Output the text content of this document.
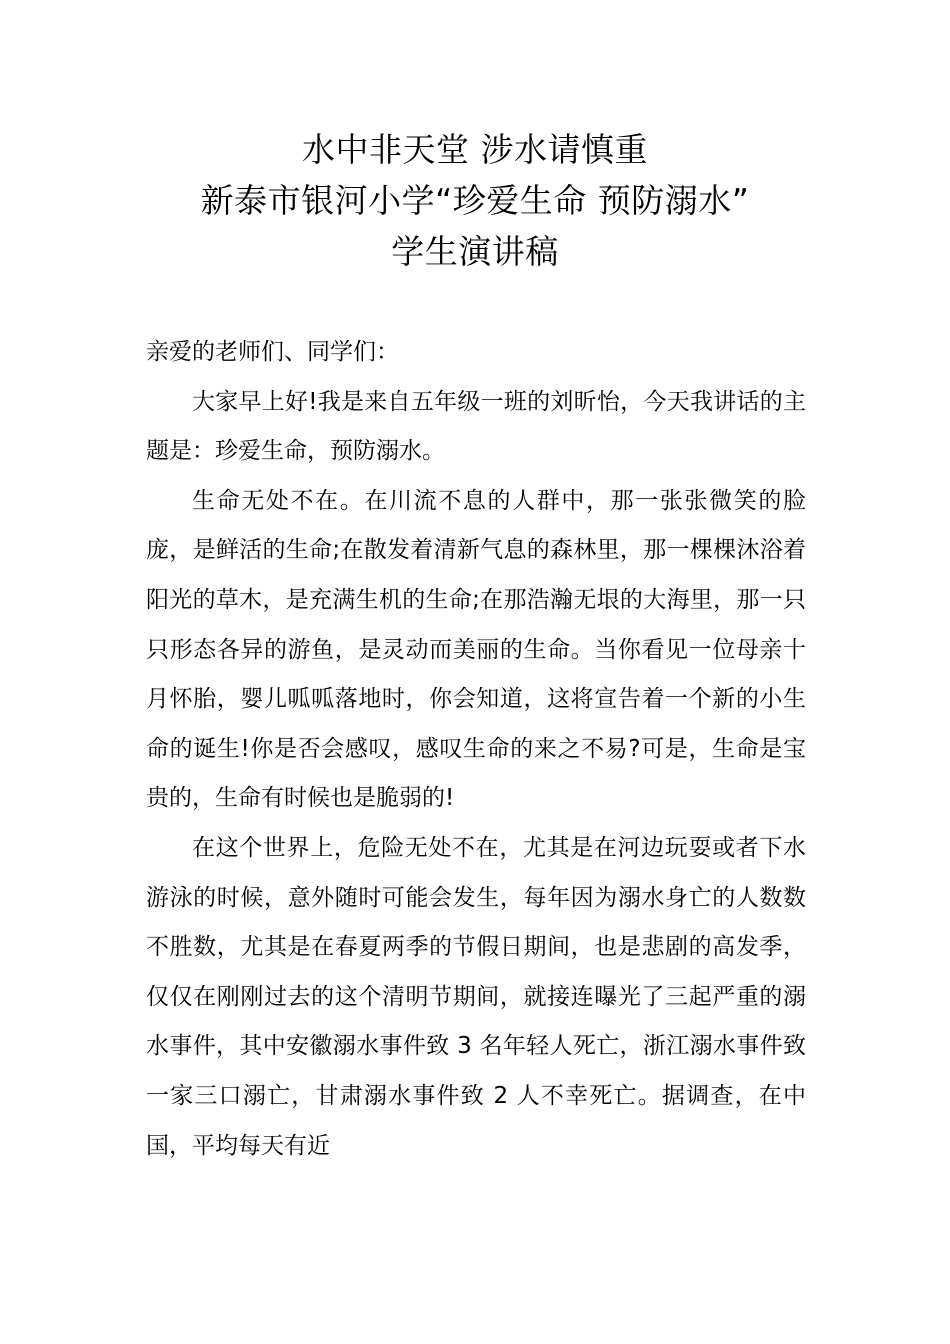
水中非天堂 涉水请慎重
新泰市银河小学“珍爱生命 预防溺水”
学生演讲稿

亲爱的老师们、同学们：

大家早上好!我是来自五年级一班的刘昕怡，今天我讲话的主题是：珍爱生命，预防溺水。

生命无处不在。在川流不息的人群中，那一张张微笑的脸庞，是鲜活的生命;在散发着清新气息的森林里，那一棵棵沐浴着阳光的草木，是充满生机的生命;在那浩瀚无垠的大海里，那一只只形态各异的游鱼，是灵动而美丽的生命。当你看见一位母亲十月怀胎，婴儿呱呱落地时，你会知道，这将宣告着一个新的小生命的诞生!你是否会感叹，感叹生命的来之不易?可是，生命是宝贵的，生命有时候也是脆弱的!

在这个世界上，危险无处不在，尤其是在河边玩耍或者下水游泳的时候，意外随时可能会发生，每年因为溺水身亡的人数数不胜数，尤其是在春夏两季的节假日期间，也是悲剧的高发季，仅仅在刚刚过去的这个清明节期间，就接连曝光了三起严重的溺水事件，其中安徽溺水事件致 3 名年轻人死亡，浙江溺水事件致一家三口溺亡，甘肃溺水事件致 2 人不幸死亡。据调查，在中国，平均每天有近
